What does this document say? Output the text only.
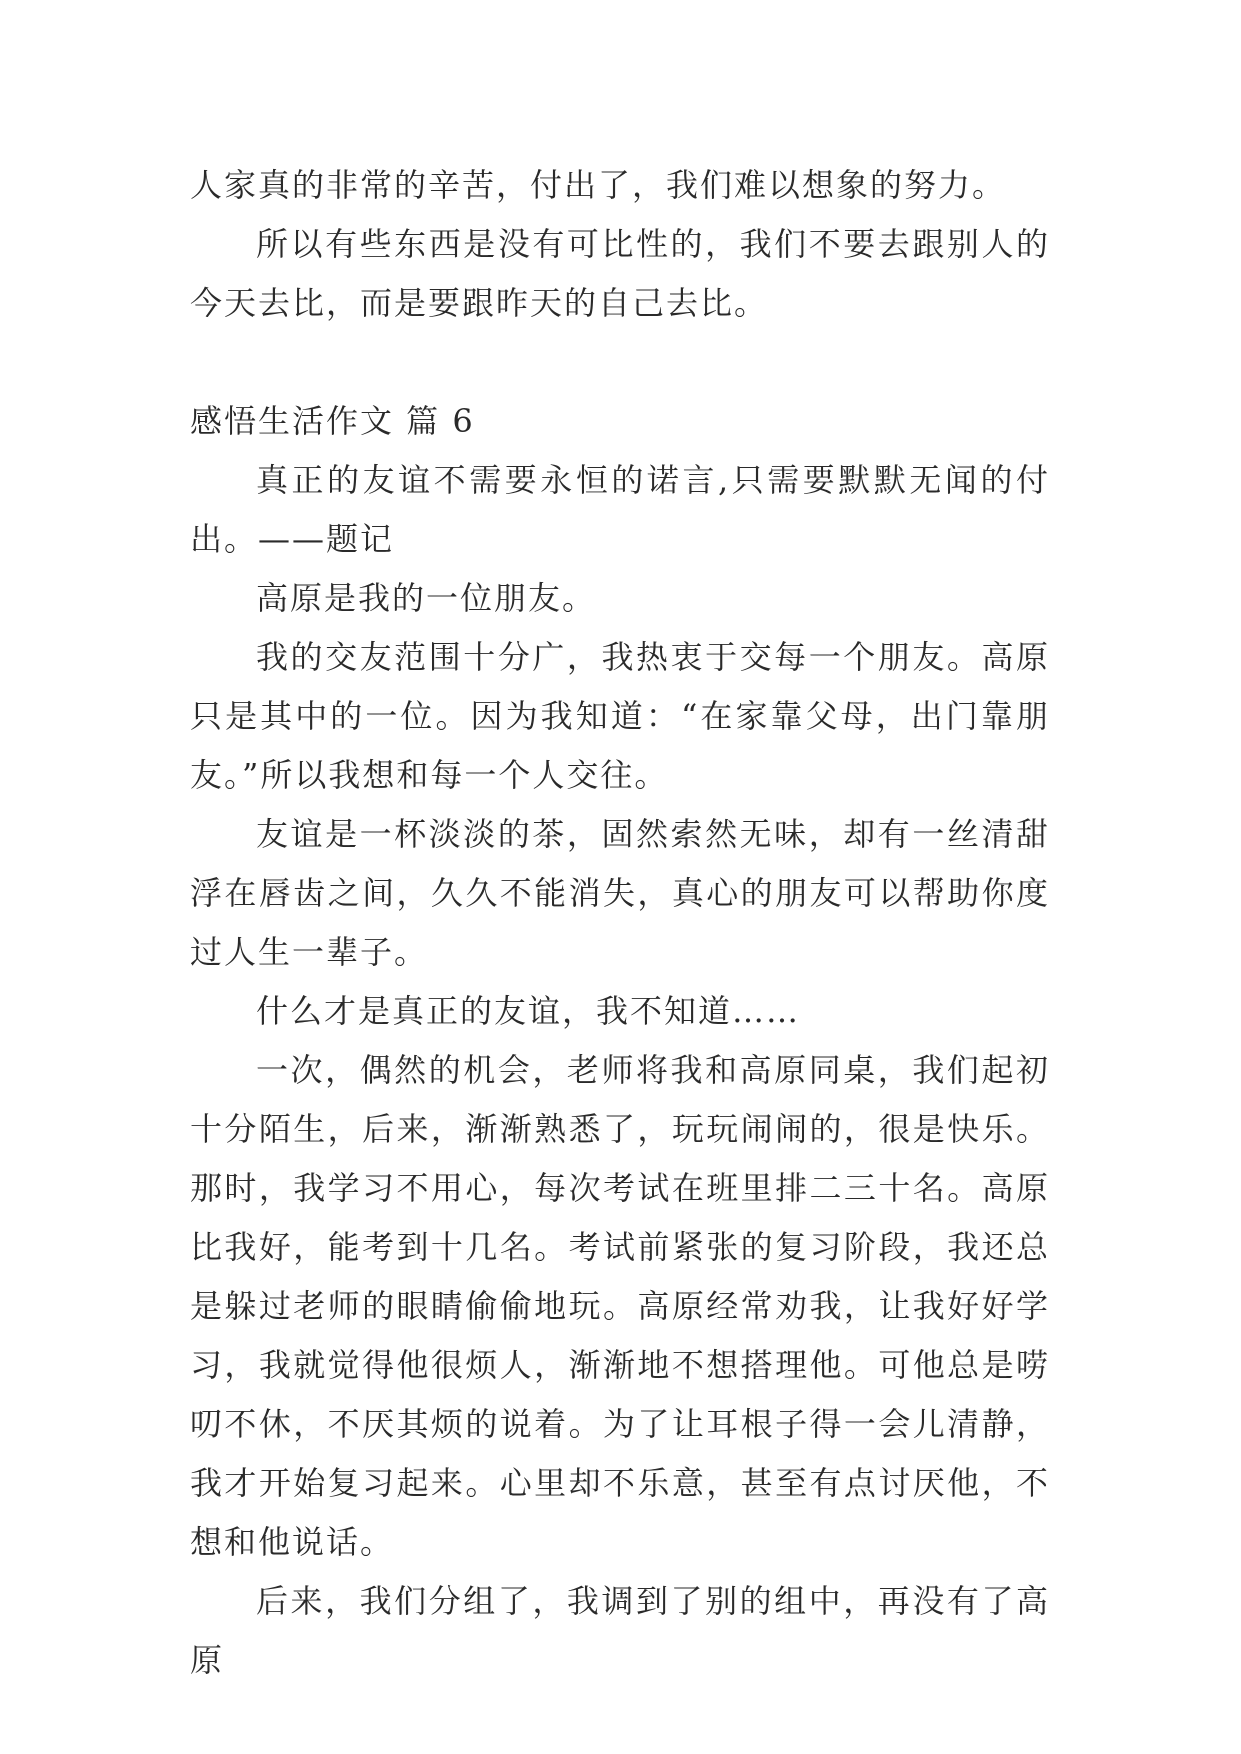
人家真的非常的辛苦，付出了，我们难以想象的努力。

所以有些东西是没有可比性的，我们不要去跟别人的今天去比，而是要跟昨天的自己去比。

感悟生活作文 篇 6

真正的友谊不需要永恒的诺言,只需要默默无闻的付出。——题记

高原是我的一位朋友。

我的交友范围十分广，我热衷于交每一个朋友。高原只是其中的一位。因为我知道：“在家靠父母，出门靠朋友。”所以我想和每一个人交往。

友谊是一杯淡淡的茶，固然索然无味，却有一丝清甜浮在唇齿之间，久久不能消失，真心的朋友可以帮助你度过人生一辈子。

什么才是真正的友谊，我不知道……

一次，偶然的机会，老师将我和高原同桌，我们起初十分陌生，后来，渐渐熟悉了，玩玩闹闹的，很是快乐。那时，我学习不用心，每次考试在班里排二三十名。高原比我好，能考到十几名。考试前紧张的复习阶段，我还总是躲过老师的眼睛偷偷地玩。高原经常劝我，让我好好学习，我就觉得他很烦人，渐渐地不想搭理他。可他总是唠叨不休，不厌其烦的说着。为了让耳根子得一会儿清静，我才开始复习起来。心里却不乐意，甚至有点讨厌他，不想和他说话。

后来，我们分组了，我调到了别的组中，再没有了高原
